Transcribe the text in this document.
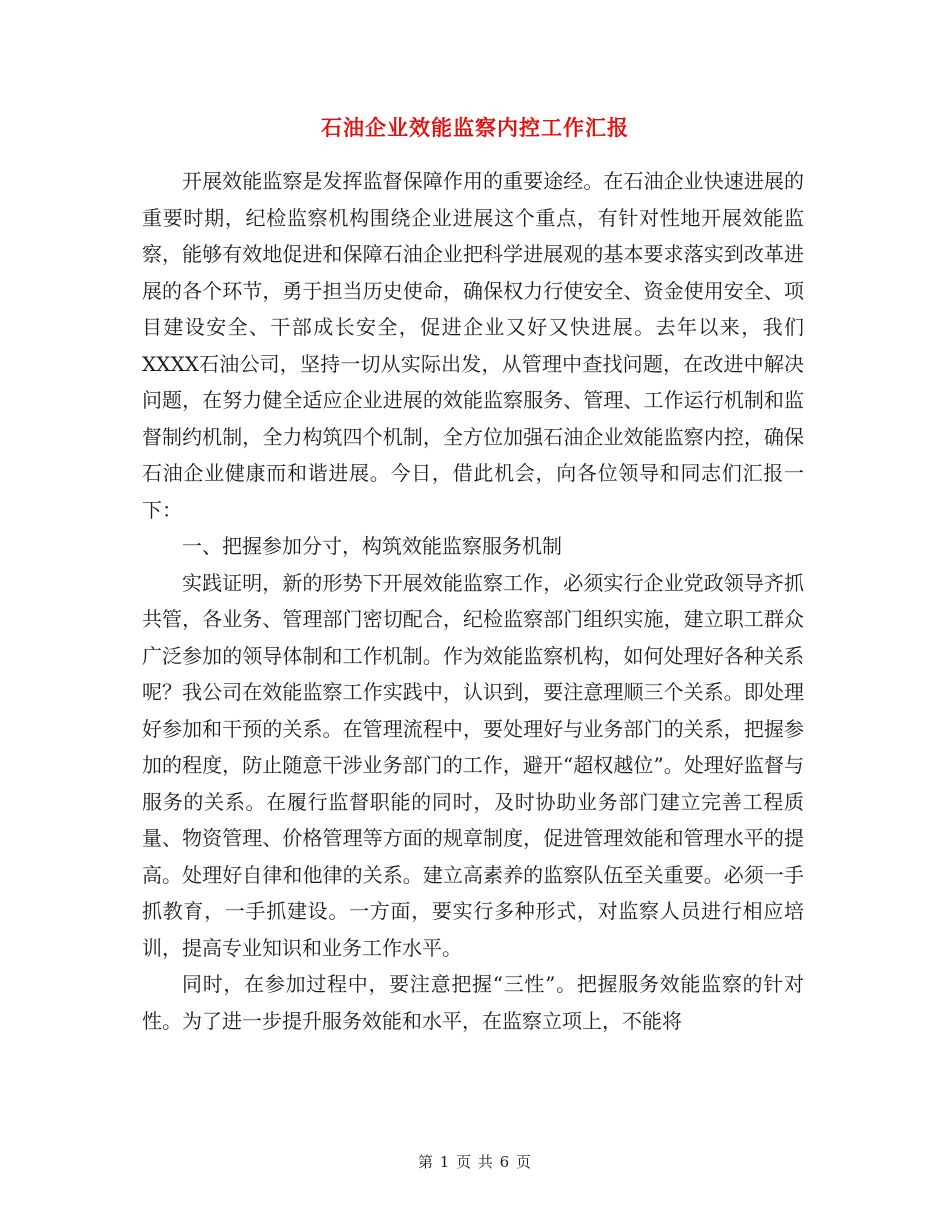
石油企业效能监察内控工作汇报

开展效能监察是发挥监督保障作用的重要途经。在石油企业快速进展的重要时期，纪检监察机构围绕企业进展这个重点，有针对性地开展效能监察，能够有效地促进和保障石油企业把科学进展观的基本要求落实到改革进展的各个环节，勇于担当历史使命，确保权力行使安全、资金使用安全、项目建设安全、干部成长安全，促进企业又好又快进展。去年以来，我们XXXX石油公司，坚持一切从实际出发，从管理中查找问题，在改进中解决问题，在努力健全适应企业进展的效能监察服务、管理、工作运行机制和监督制约机制，全力构筑四个机制，全方位加强石油企业效能监察内控，确保石油企业健康而和谐进展。今日，借此机会，向各位领导和同志们汇报一下：

一、把握参加分寸，构筑效能监察服务机制

实践证明，新的形势下开展效能监察工作，必须实行企业党政领导齐抓共管，各业务、管理部门密切配合，纪检监察部门组织实施，建立职工群众广泛参加的领导体制和工作机制。作为效能监察机构，如何处理好各种关系呢？我公司在效能监察工作实践中，认识到，要注意理顺三个关系。即处理好参加和干预的关系。在管理流程中，要处理好与业务部门的关系，把握参加的程度，防止随意干涉业务部门的工作，避开“超权越位”。处理好监督与服务的关系。在履行监督职能的同时，及时协助业务部门建立完善工程质量、物资管理、价格管理等方面的规章制度，促进管理效能和管理水平的提高。处理好自律和他律的关系。建立高素养的监察队伍至关重要。必须一手抓教育，一手抓建设。一方面，要实行多种形式，对监察人员进行相应培训，提高专业知识和业务工作水平。

同时，在参加过程中，要注意把握“三性”。把握服务效能监察的针对性。为了进一步提升服务效能和水平，在监察立项上，不能将

第 1 页 共 6 页
